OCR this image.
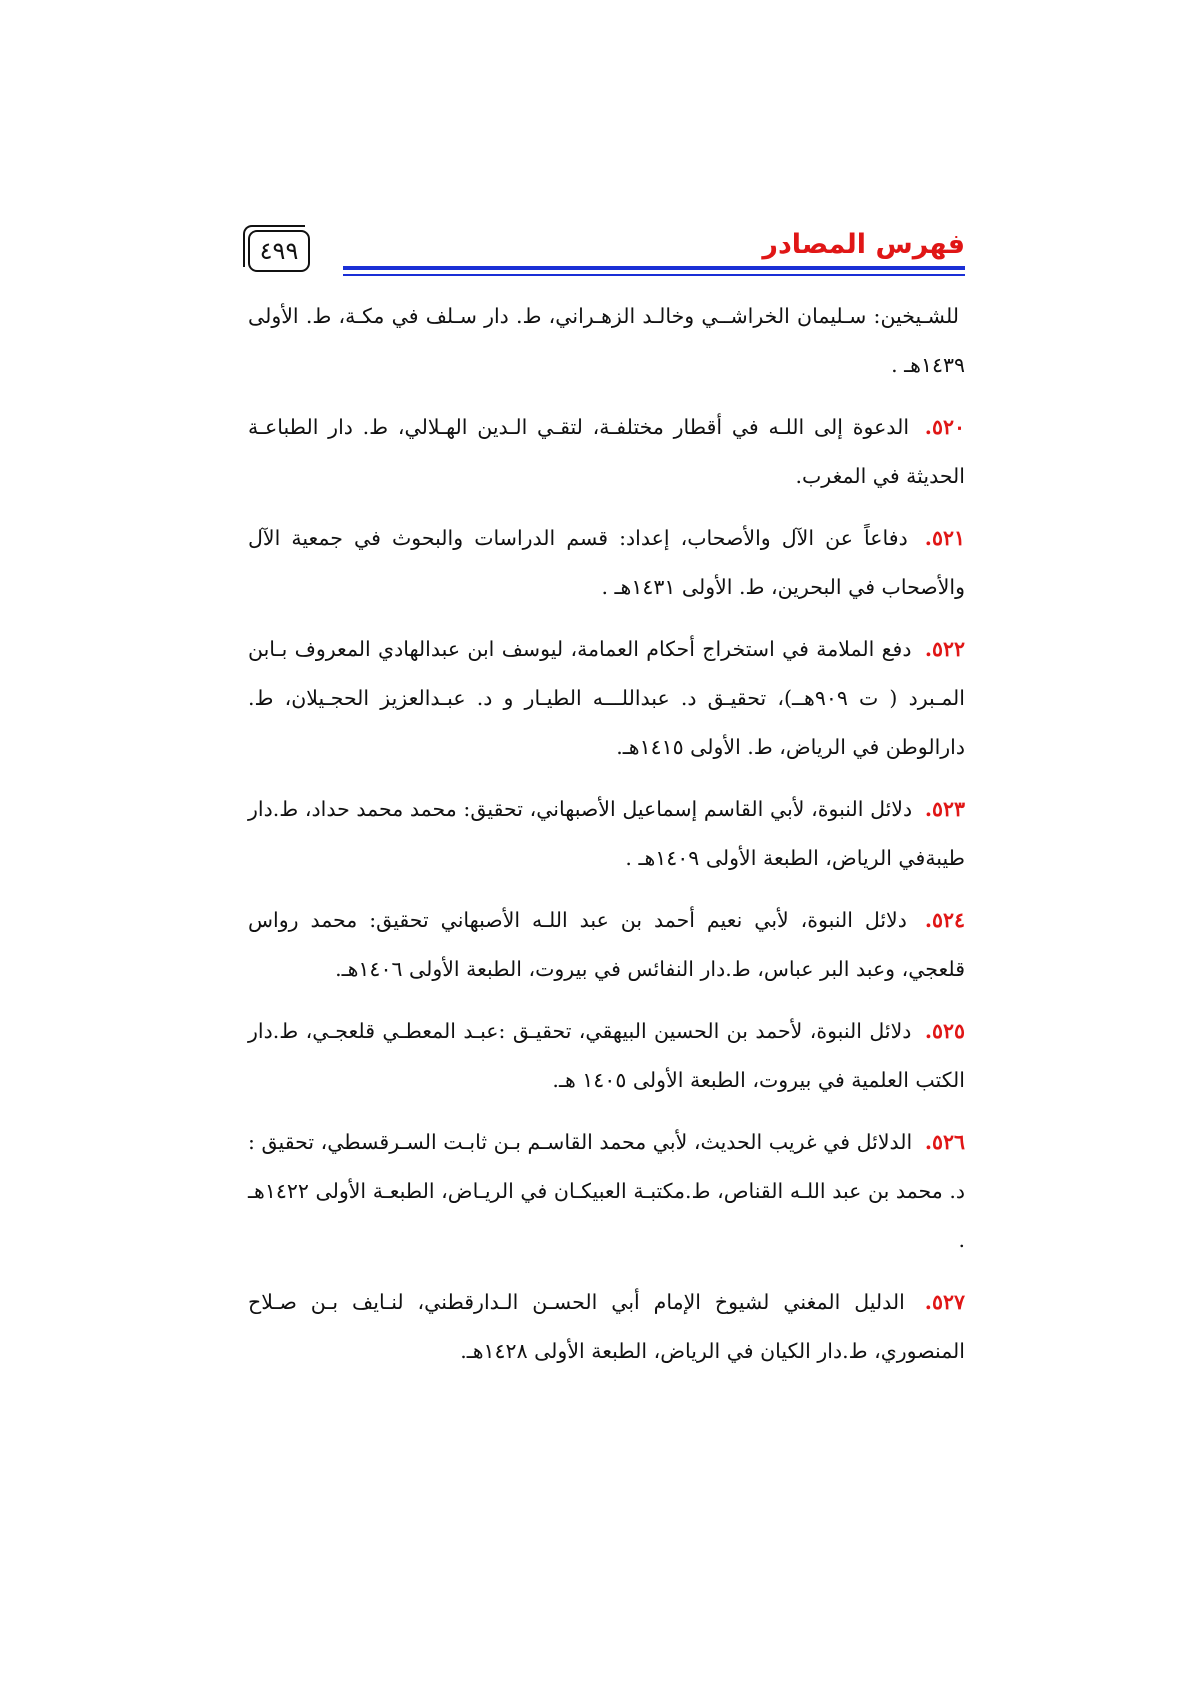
٤٩٩	فهرس المصادر

للشـيخين: سـليمان الخراشــي وخالـد الزهـراني، ط. دار سـلف في مكـة، ط. الأولى ١٤٣٩هـ .

٥٢٠. الدعوة إلى اللـه في أقطار مختلفـة، لتقـي الـدين الهـلالي، ط. دار الطباعـة الحديثة في المغرب.

٥٢١. دفاعاً عن الآل والأصحاب، إعداد: قسم الدراسات والبحوث في جمعية الآل والأصحاب في البحرين، ط. الأولى ١٤٣١هـ .

٥٢٢. دفع الملامة في استخراج أحكام العمامة، ليوسف ابن عبدالهادي المعروف بـابن المـبرد ( ت ٩٠٩هــ)، تحقيـق د. عبداللـــه الطيـار و د. عبـدالعزيز الحجـيلان، ط. دارالوطن في الرياض، ط. الأولى ١٤١٥هـ.

٥٢٣. دلائل النبوة، لأبي القاسم إسماعيل الأصبهاني، تحقيق: محمد محمد حداد، ط.دار طيبةفي الرياض، الطبعة الأولى ١٤٠٩هـ .

٥٢٤. دلائل النبوة، لأبي نعيم أحمد بن عبد اللـه الأصبهاني تحقيق: محمد رواس قلعجي، وعبد البر عباس، ط.دار النفائس في بيروت، الطبعة الأولى ١٤٠٦هـ.

٥٢٥. دلائل النبوة، لأحمد بن الحسين البيهقي، تحقيـق :عبـد المعطـي قلعجـي، ط.دار الكتب العلمية في بيروت، الطبعة الأولى ١٤٠٥ هـ.

٥٢٦. الدلائل في غريب الحديث، لأبي محمد القاسـم بـن ثابـت السـرقسطي، تحقيق : د. محمد بن عبد اللـه القناص، ط.مكتبـة العبيكـان في الريـاض، الطبعـة الأولى ١٤٢٢هـ .

٥٢٧. الدليل المغني لشيوخ الإمام أبي الحسـن الـدارقطني، لنـايف بـن صـلاح المنصوري، ط.دار الكيان في الرياض، الطبعة الأولى ١٤٢٨هـ.
